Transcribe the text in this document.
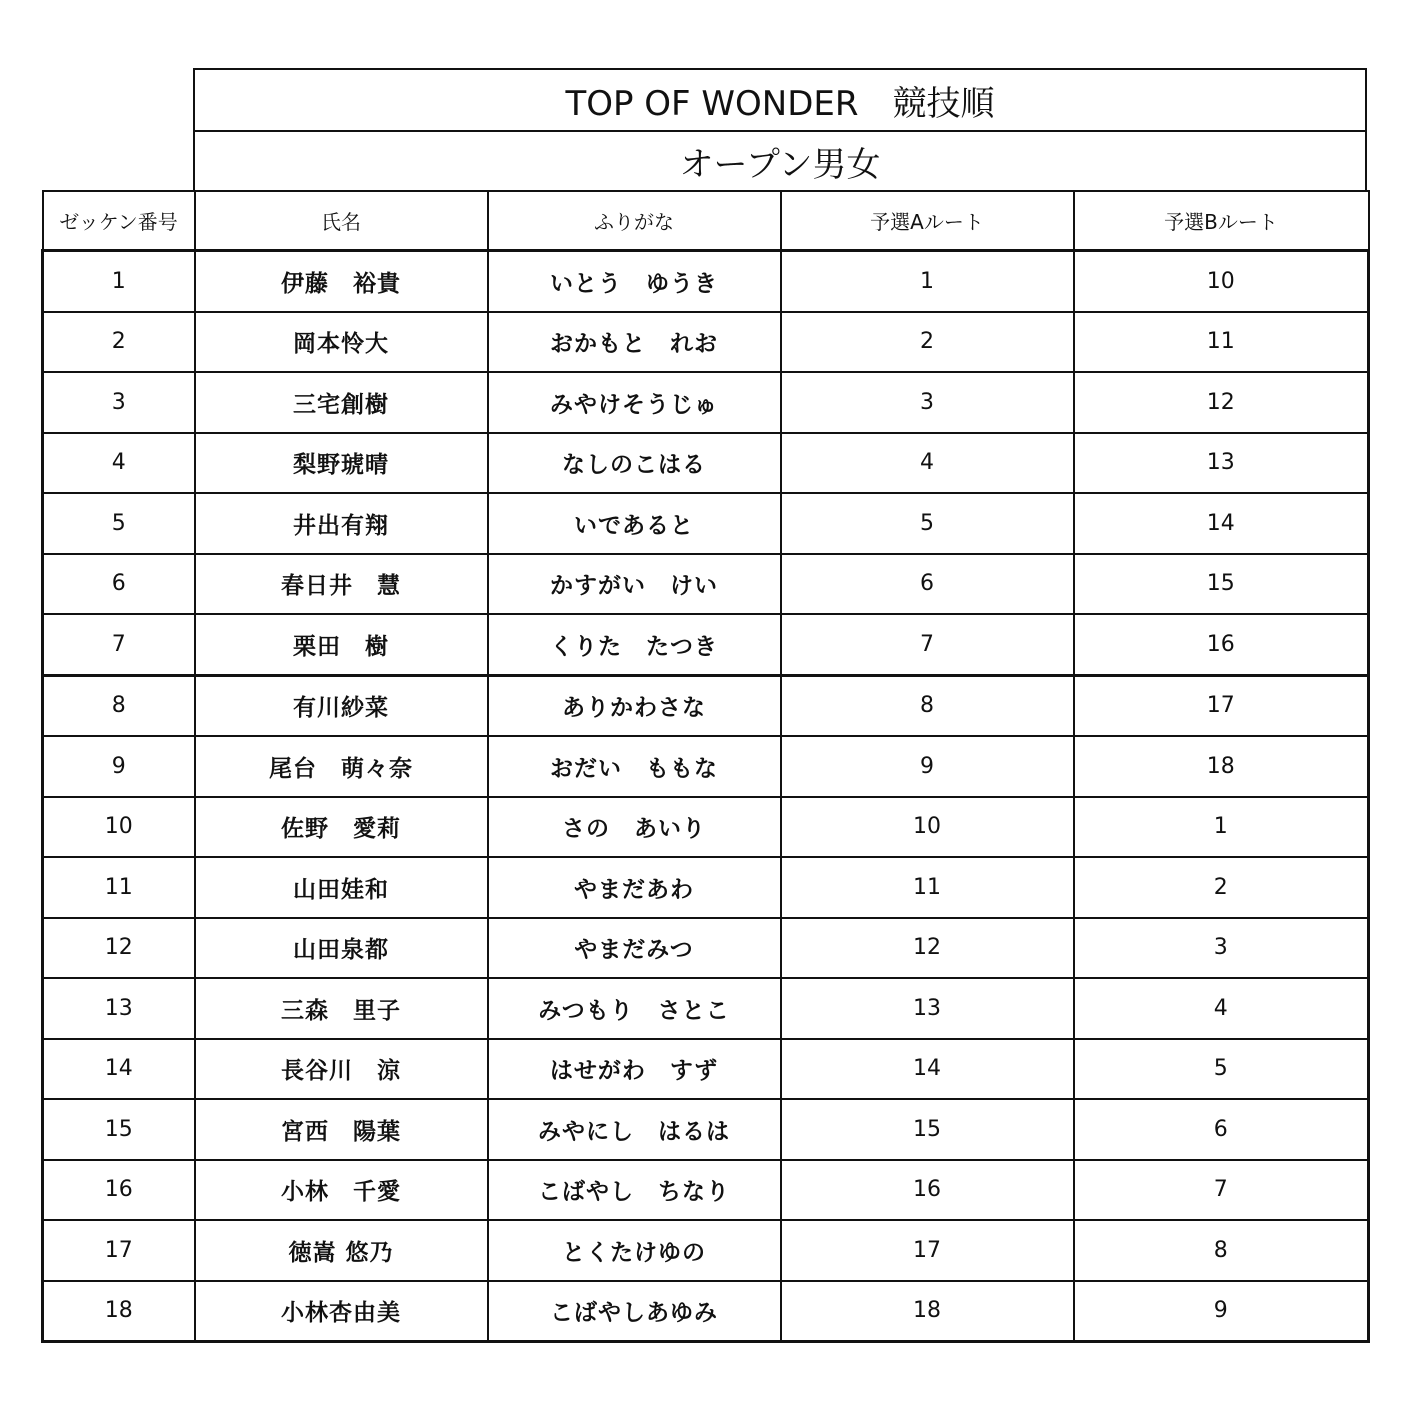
TOP OF WONDER　競技順
オープン男女
ゼッケン番号	氏名	ふりがな	予選Aルート	予選Bルート
1	伊藤　裕貴	いとう　ゆうき	1	10
2	岡本怜大	おかもと　れお	2	11
3	三宅創樹	みやけそうじゅ	3	12
4	梨野琥晴	なしのこはる	4	13
5	井出有翔	いであると	5	14
6	春日井　慧	かすがい　けい	6	15
7	栗田　樹	くりた　たつき	7	16
8	有川紗菜	ありかわさな	8	17
9	尾台　萌々奈	おだい　ももな	9	18
10	佐野　愛莉	さの　あいり	10	1
11	山田娃和	やまだあわ	11	2
12	山田泉都	やまだみつ	12	3
13	三森　里子	みつもり　さとこ	13	4
14	長谷川　涼	はせがわ　すず	14	5
15	宮西　陽葉	みやにし　はるは	15	6
16	小林　千愛	こばやし　ちなり	16	7
17	徳嵩 悠乃	とくたけゆの	17	8
18	小林杏由美	こばやしあゆみ	18	9
